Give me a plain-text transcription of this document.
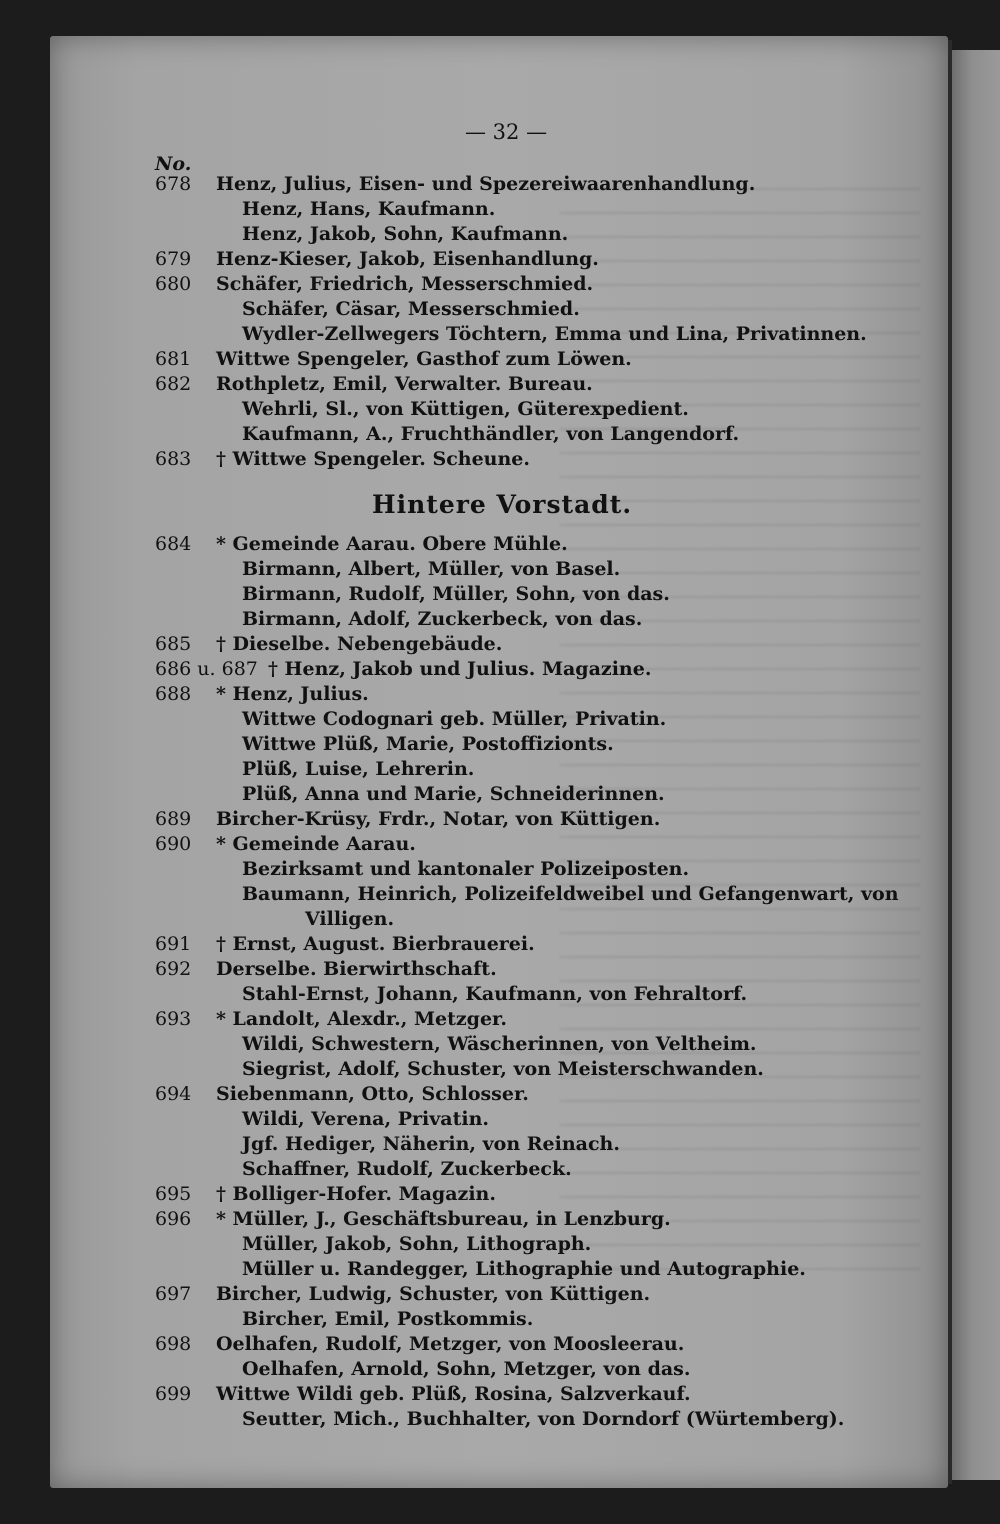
— 32 —
No.
Hintere Vorstadt.
678 Henz, Julius, Eisen- und Spezereiwaarenhandlung.
Henz, Hans, Kaufmann.
Henz, Jakob, Sohn, Kaufmann.
679 Henz-Kieser, Jakob, Eisenhandlung.
680 Schäfer, Friedrich, Messerschmied.
Schäfer, Cäsar, Messerschmied.
Wydler-Zellwegers Töchtern, Emma und Lina, Privatinnen.
681 Wittwe Spengeler, Gasthof zum Löwen.
682 Rothpletz, Emil, Verwalter. Bureau.
Wehrli, Sl., von Küttigen, Güterexpedient.
Kaufmann, A., Fruchthändler, von Langendorf.
683 † Wittwe Spengeler. Scheune.
684 * Gemeinde Aarau. Obere Mühle.
Birmann, Albert, Müller, von Basel.
Birmann, Rudolf, Müller, Sohn, von das.
Birmann, Adolf, Zuckerbeck, von das.
685 † Dieselbe. Nebengebäude.
686 u. 687 † Henz, Jakob und Julius. Magazine.
688 * Henz, Julius.
Wittwe Codognari geb. Müller, Privatin.
Wittwe Plüß, Marie, Postoffizionts.
Plüß, Luise, Lehrerin.
Plüß, Anna und Marie, Schneiderinnen.
689 Bircher-Krüsy, Frdr., Notar, von Küttigen.
690 * Gemeinde Aarau.
Bezirksamt und kantonaler Polizeiposten.
Baumann, Heinrich, Polizeifeldweibel und Gefangenwart, von
Villigen.
691 † Ernst, August. Bierbrauerei.
692 Derselbe. Bierwirthschaft.
Stahl-Ernst, Johann, Kaufmann, von Fehraltorf.
693 * Landolt, Alexdr., Metzger.
Wildi, Schwestern, Wäscherinnen, von Veltheim.
Siegrist, Adolf, Schuster, von Meisterschwanden.
694 Siebenmann, Otto, Schlosser.
Wildi, Verena, Privatin.
Jgf. Hediger, Näherin, von Reinach.
Schaffner, Rudolf, Zuckerbeck.
695 † Bolliger-Hofer. Magazin.
696 * Müller, J., Geschäftsbureau, in Lenzburg.
Müller, Jakob, Sohn, Lithograph.
Müller u. Randegger, Lithographie und Autographie.
697 Bircher, Ludwig, Schuster, von Küttigen.
Bircher, Emil, Postkommis.
698 Oelhafen, Rudolf, Metzger, von Moosleerau.
Oelhafen, Arnold, Sohn, Metzger, von das.
699 Wittwe Wildi geb. Plüß, Rosina, Salzverkauf.
Seutter, Mich., Buchhalter, von Dorndorf (Würtemberg).
